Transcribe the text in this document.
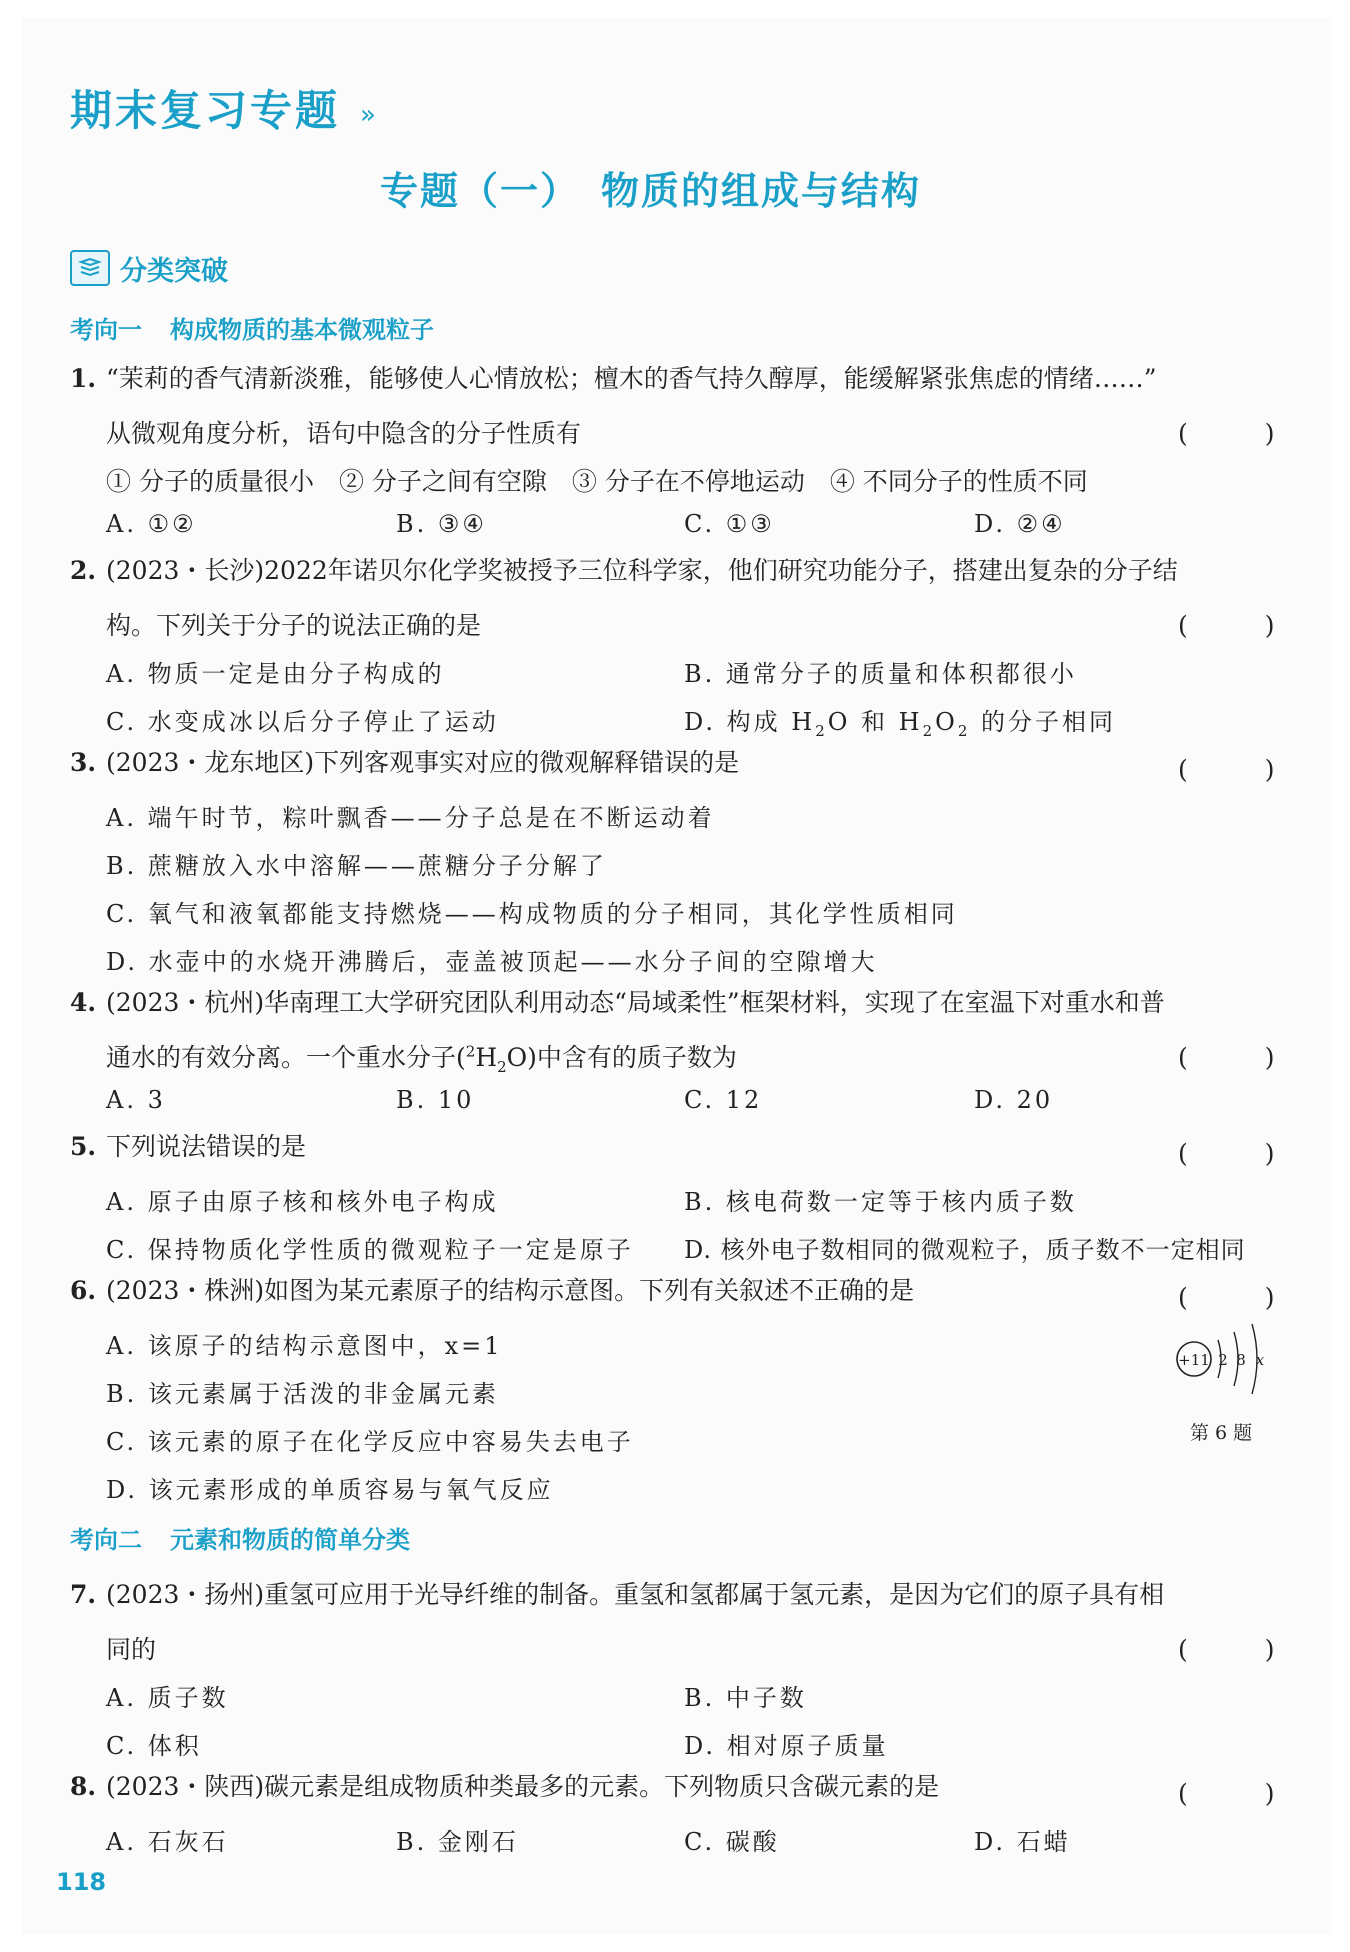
期末复习专题 »
专题（一）　物质的组成与结构
分类突破
考向一 构成物质的基本微观粒子
1. “茉莉的香气清新淡雅，能够使人心情放松；檀木的香气持久醇厚，能缓解紧张焦虑的情绪……”
从微观角度分析，语句中隐含的分子性质有	(　)
① 分子的质量很小　② 分子之间有空隙　③ 分子在不停地运动　④ 不同分子的性质不同
A. ①②	B. ③④	C. ①③	D. ②④
2. (2023・长沙)2022年诺贝尔化学奖被授予三位科学家，他们研究功能分子，搭建出复杂的分子结
构。下列关于分子的说法正确的是	(　)
A. 物质一定是由分子构成的	B. 通常分子的质量和体积都很小
C. 水变成冰以后分子停止了运动	D. 构成 $H_2O$ 和 $H_2O_2$ 的分子相同
3. (2023・龙东地区)下列客观事实对应的微观解释错误的是	(　)
A. 端午时节，粽叶飘香——分子总是在不断运动着
B. 蔗糖放入水中溶解——蔗糖分子分解了
C. 氧气和液氧都能支持燃烧——构成物质的分子相同，其化学性质相同
D. 水壶中的水烧开沸腾后，壶盖被顶起——水分子间的空隙增大
4. (2023・杭州)华南理工大学研究团队利用动态“局域柔性”框架材料，实现了在室温下对重水和普
通水的有效分离。一个重水分子$(^2H_2O)$中含有的质子数为	(　)
A. 3	B. 10	C. 12	D. 20
5. 下列说法错误的是	(　)
A. 原子由原子核和核外电子构成	B. 核电荷数一定等于核内质子数
C. 保持物质化学性质的微观粒子一定是原子 D. 核外电子数相同的微观粒子，质子数不一定相同
6. (2023・株洲)如图为某元素原子的结构示意图。下列有关叙述不正确的是	(　)
A. 该原子的结构示意图中，x=1
B. 该元素属于活泼的非金属元素
C. 该元素的原子在化学反应中容易失去电子
D. 该元素形成的单质容易与氧气反应
+11 2 8 x
第 6 题
考向二 元素和物质的简单分类
7. (2023・扬州)重氢可应用于光导纤维的制备。重氢和氢都属于氢元素，是因为它们的原子具有相
同的	(　)
A. 质子数	B. 中子数
C. 体积	D. 相对原子质量
8. (2023・陕西)碳元素是组成物质种类最多的元素。下列物质只含碳元素的是	(　)
A. 石灰石	B. 金刚石	C. 碳酸	D. 石蜡
118
